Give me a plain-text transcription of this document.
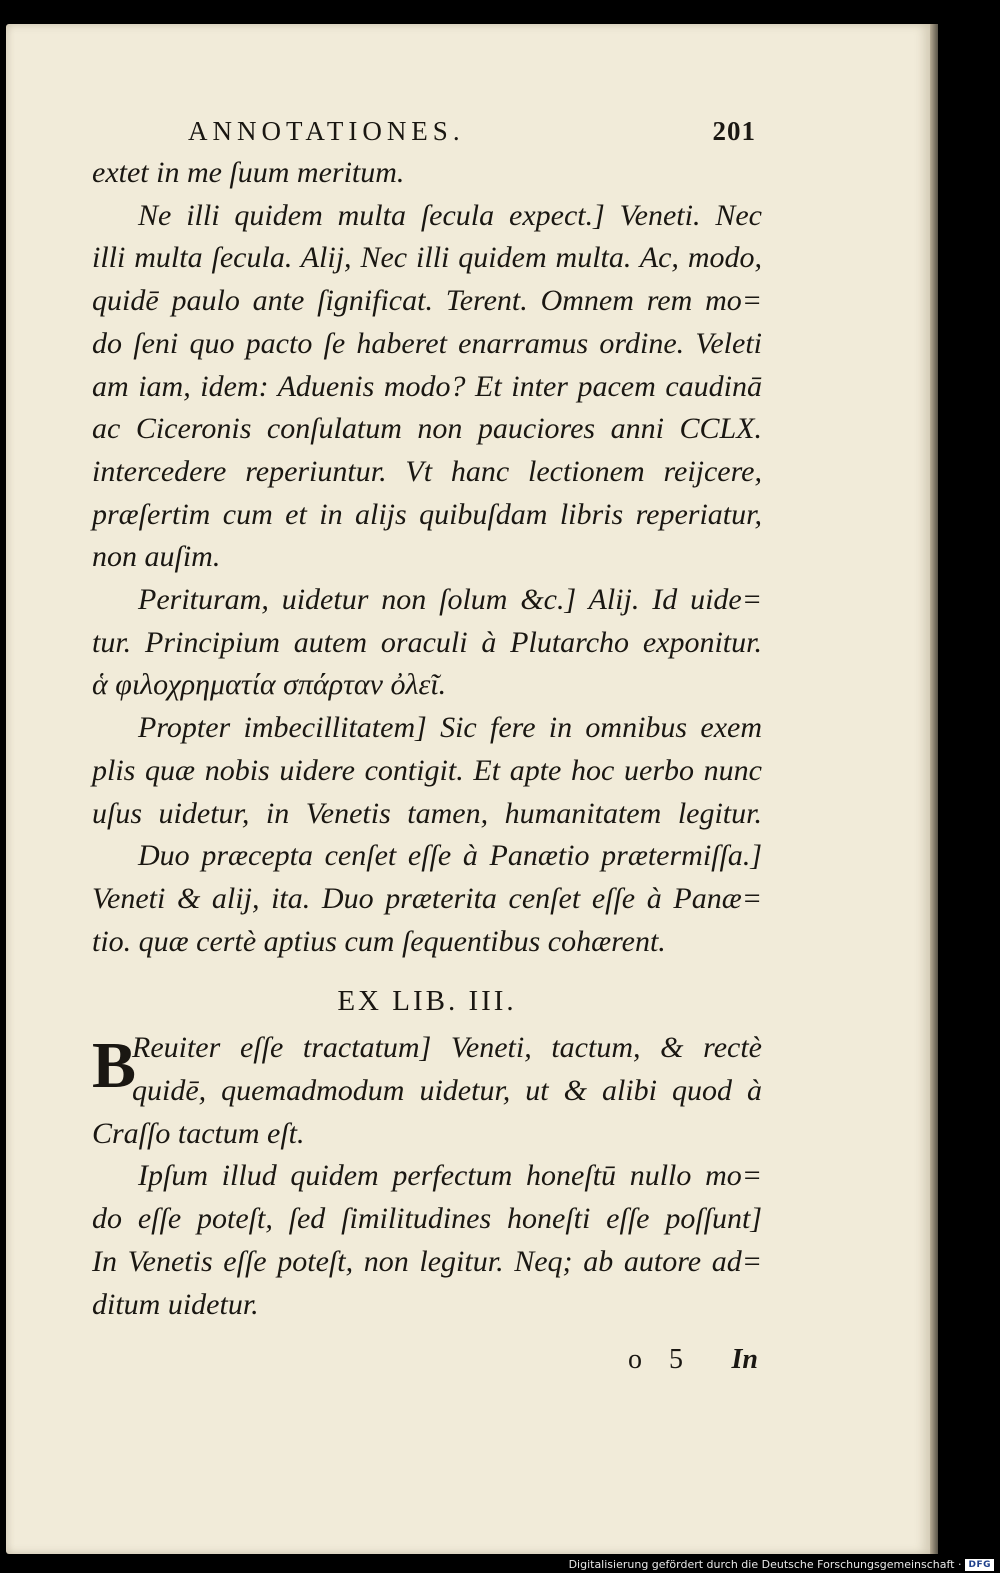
ANNOTATIONES.	201
extet in me ſuum meritum.
Ne illi quidem multa ſecula expect.] Veneti. Nec
illi multa ſecula. Alij, Nec illi quidem multa. Ac, modo,
quidē paulo ante ſignificat. Terent. Omnem rem mo=
do ſeni quo pacto ſe haberet enarramus ordine. Veleti
am iam, idem: Aduenis modo? Et inter pacem caudinā
ac Ciceronis conſulatum non pauciores anni CCLX.
intercedere reperiuntur. Vt hanc lectionem reijcere,
præſertim cum et in alijs quibuſdam libris reperiatur,
non auſim.
Perituram, uidetur non ſolum &c.] Alij. Id uide=
tur. Principium autem oraculi à Plutarcho exponitur.
ἁ φιλοχρηματία σπάρταν ὀλεῖ.
Propter imbecillitatem] Sic fere in omnibus exem
plis quæ nobis uidere contigit. Et apte hoc uerbo nunc
uſus uidetur, in Venetis tamen, humanitatem legitur.
Duo præcepta cenſet eſſe à Panætio prætermiſſa.]
Veneti & alij, ita. Duo præterita cenſet eſſe à Panæ=
tio. quæ certè aptius cum ſequentibus cohærent.
EX LIB. III.
B
Reuiter eſſe tractatum] Veneti, tactum, & rectè
quidē, quemadmodum uidetur, ut & alibi quod à
Craſſo tactum eſt.
Ipſum illud quidem perfectum honeſtū nullo mo=
do eſſe poteſt, ſed ſimilitudines honeſti eſſe poſſunt]
In Venetis eſſe poteſt, non legitur. Neq; ab autore ad=
ditum uidetur.
o 5 In
Digitalisierung gefördert durch die Deutsche Forschungsgemeinschaft · DFG
